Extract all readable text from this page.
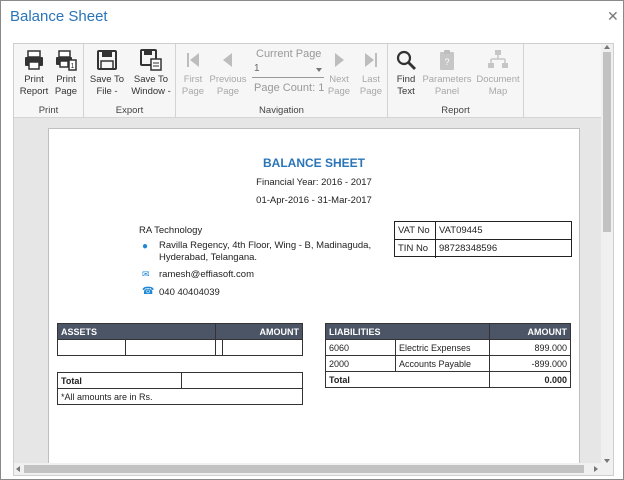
Balance Sheet	✕
Print
Report
1
Print
Page
Print
Save To
File -
Save To
Window -
Export
First
Page
Previous
Page
Current Page
1
Page Count: 1
Next
Page
Last
Page
Navigation
Find
Text
?
Parameters
Panel
Document
Map
Report
BALANCE SHEET
Financial Year: 2016 - 2017
01-Apr-2016 - 31-Mar-2017
RA Technology
● Ravilla Regency, 4th Floor, Wing - B, Madinaguda,
Hyderabad, Telangana.
✉ ramesh@effiasoft.com
☎ 040 40404039
VAT No VAT09445
TIN No 98728348596
ASSETS		AMOUNT	

Total	
*All amounts are in Rs.
LIABILITIES		AMOUNT
6060	Electric Expenses	899.000
2000	Accounts Payable	-899.000
Total		0.000
